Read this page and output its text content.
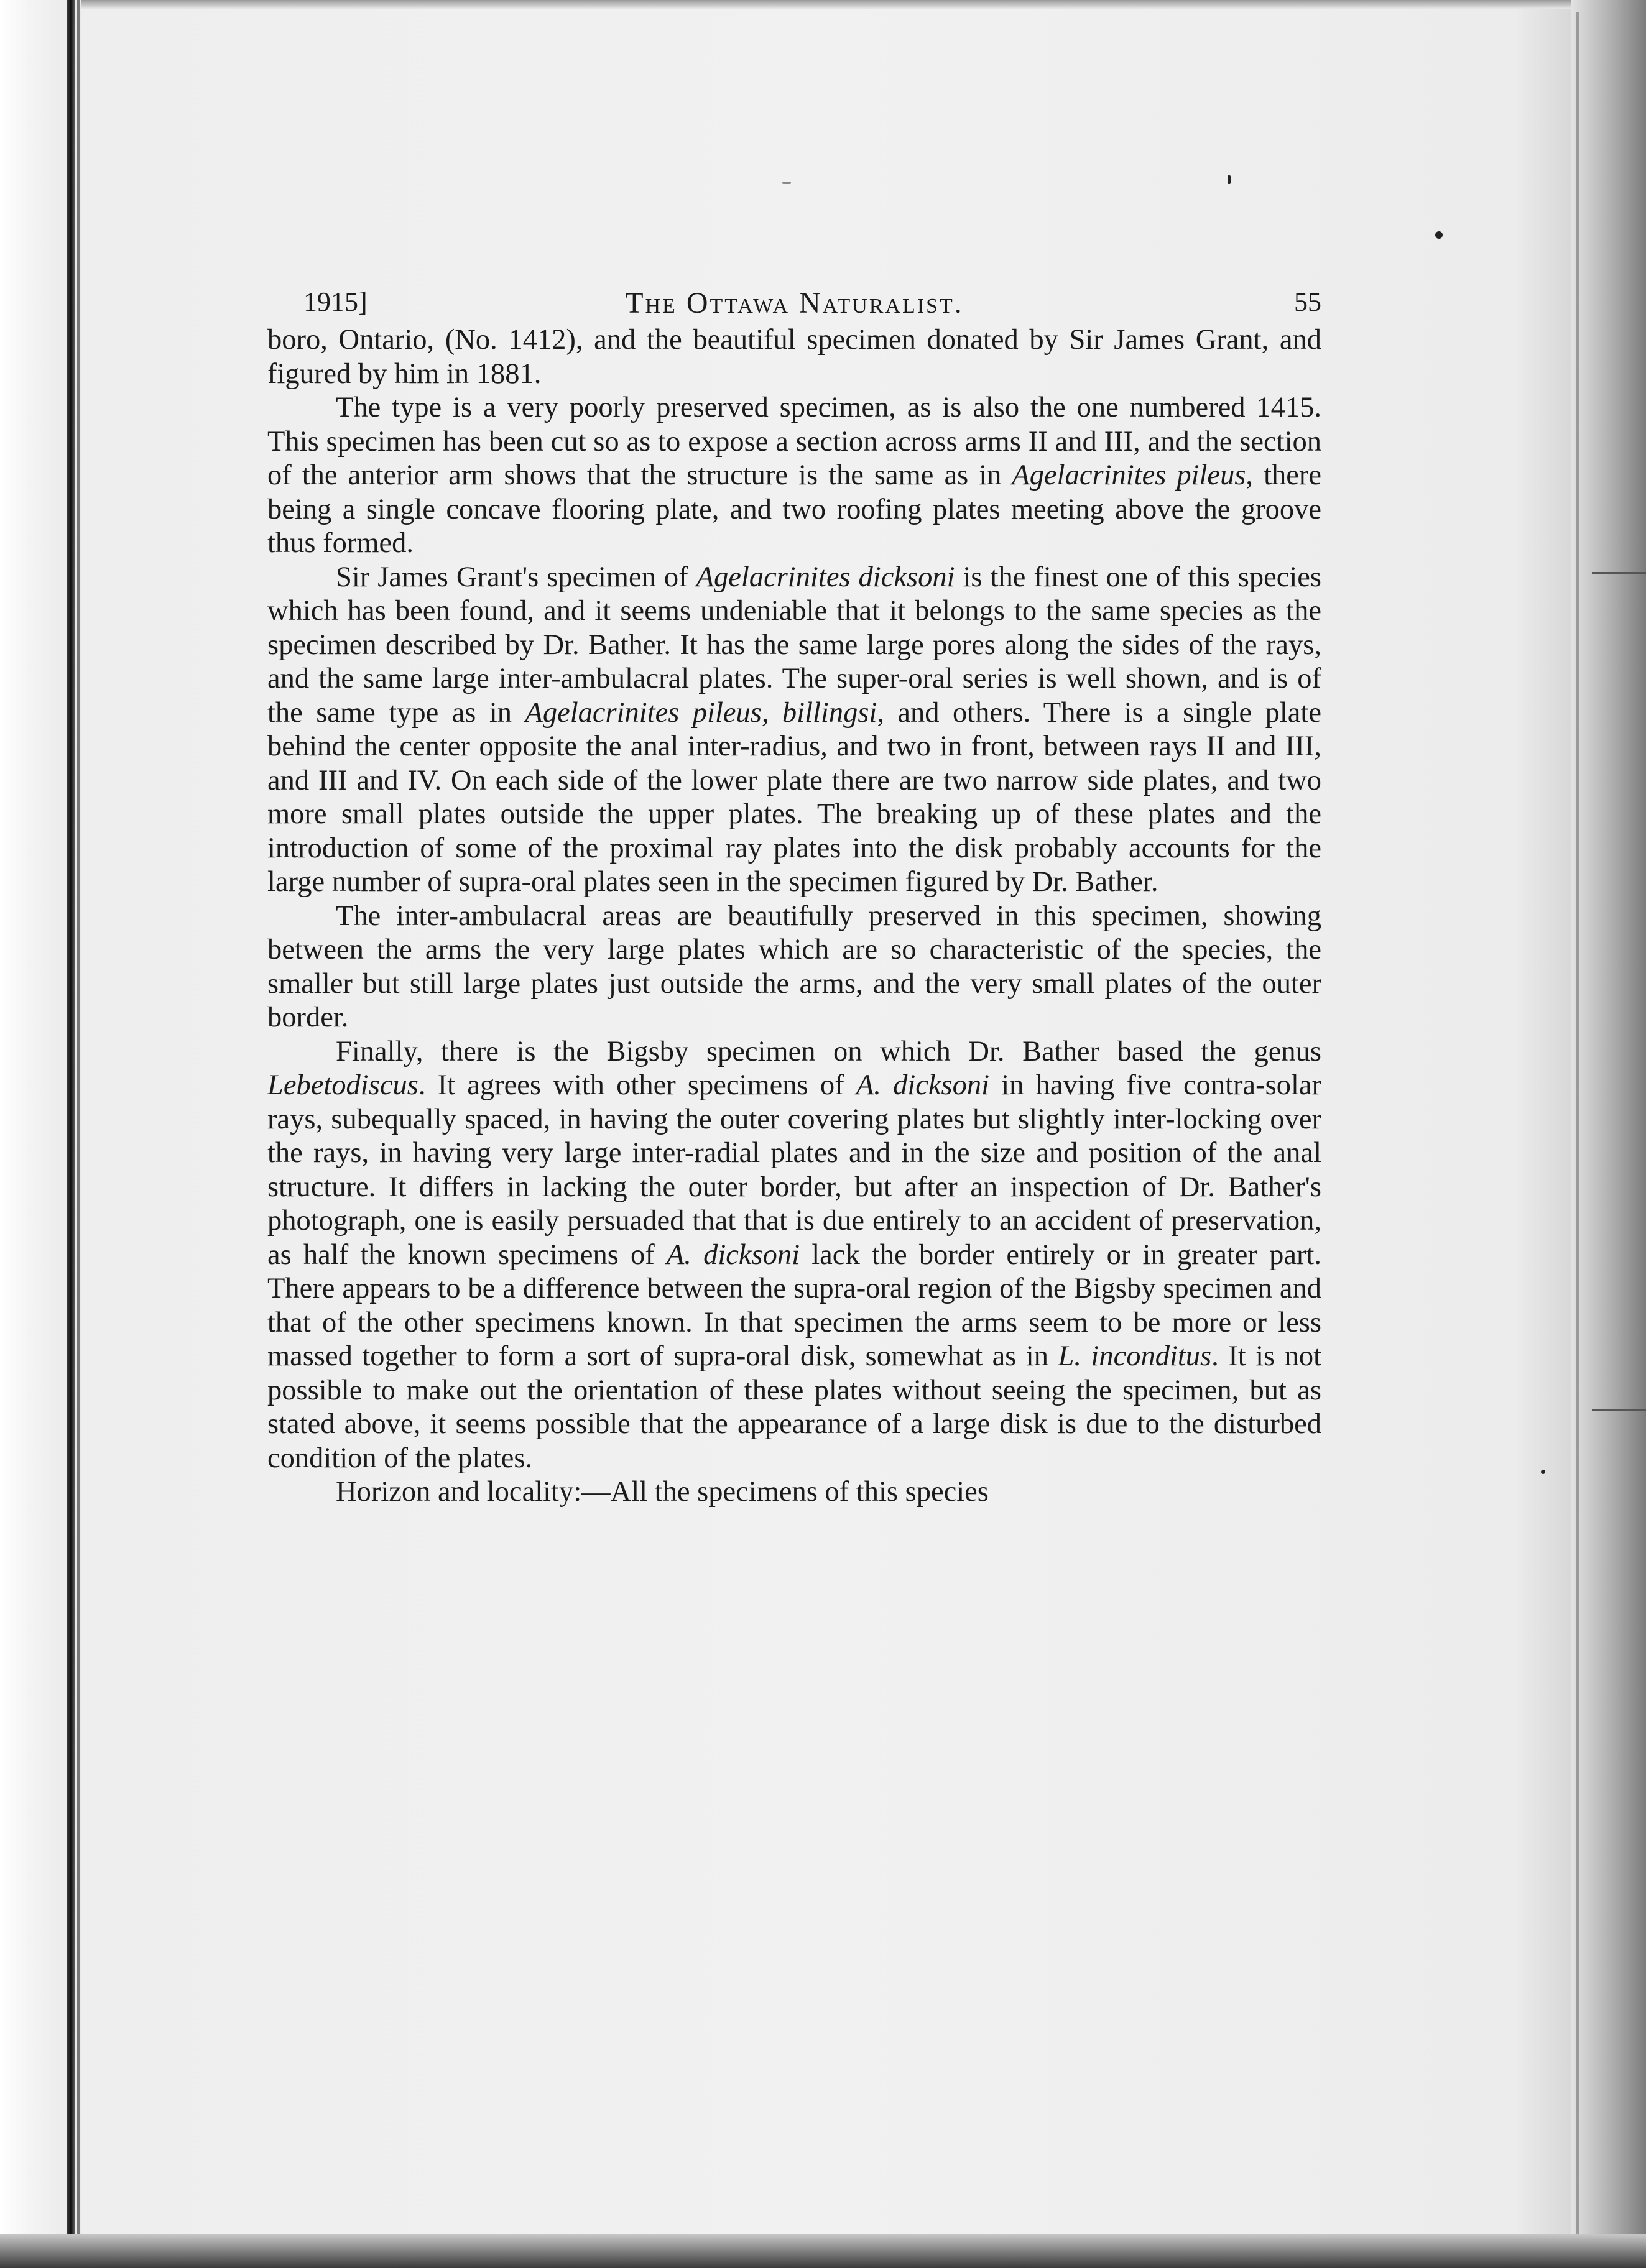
1915]	The Ottawa Naturalist.	55

boro, Ontario, (No. 1412), and the beautiful specimen donated by Sir James Grant, and figured by him in 1881.

The type is a very poorly preserved specimen, as is also the one numbered 1415. This specimen has been cut so as to expose a section across arms II and III, and the section of the anterior arm shows that the structure is the same as in Agelacrinites pileus, there being a single concave flooring plate, and two roofing plates meeting above the groove thus formed.

Sir James Grant's specimen of Agelacrinites dicksoni is the finest one of this species which has been found, and it seems undeniable that it belongs to the same species as the specimen described by Dr. Bather. It has the same large pores along the sides of the rays, and the same large inter-ambulacral plates. The super-oral series is well shown, and is of the same type as in Agelacrinites pileus, billingsi, and others. There is a single plate behind the center opposite the anal inter-radius, and two in front, between rays II and III, and III and IV. On each side of the lower plate there are two narrow side plates, and two more small plates outside the upper plates. The breaking up of these plates and the introduction of some of the proximal ray plates into the disk probably accounts for the large number of supra-oral plates seen in the specimen figured by Dr. Bather.

The inter-ambulacral areas are beautifully preserved in this specimen, showing between the arms the very large plates which are so characteristic of the species, the smaller but still large plates just outside the arms, and the very small plates of the outer border.

Finally, there is the Bigsby specimen on which Dr. Bather based the genus Lebetodiscus. It agrees with other specimens of A. dicksoni in having five contra-solar rays, subequally spaced, in having the outer covering plates but slightly inter-locking over the rays, in having very large inter-radial plates and in the size and position of the anal structure. It differs in lacking the outer border, but after an inspection of Dr. Bather's photograph, one is easily persuaded that that is due entirely to an accident of preservation, as half the known specimens of A. dicksoni lack the border entirely or in greater part. There appears to be a difference between the supra-oral region of the Bigsby specimen and that of the other specimens known. In that specimen the arms seem to be more or less massed together to form a sort of supra-oral disk, somewhat as in L. inconditus. It is not possible to make out the orientation of these plates without seeing the specimen, but as stated above, it seems possible that the appearance of a large disk is due to the disturbed condition of the plates.

Horizon and locality:—All the specimens of this species
